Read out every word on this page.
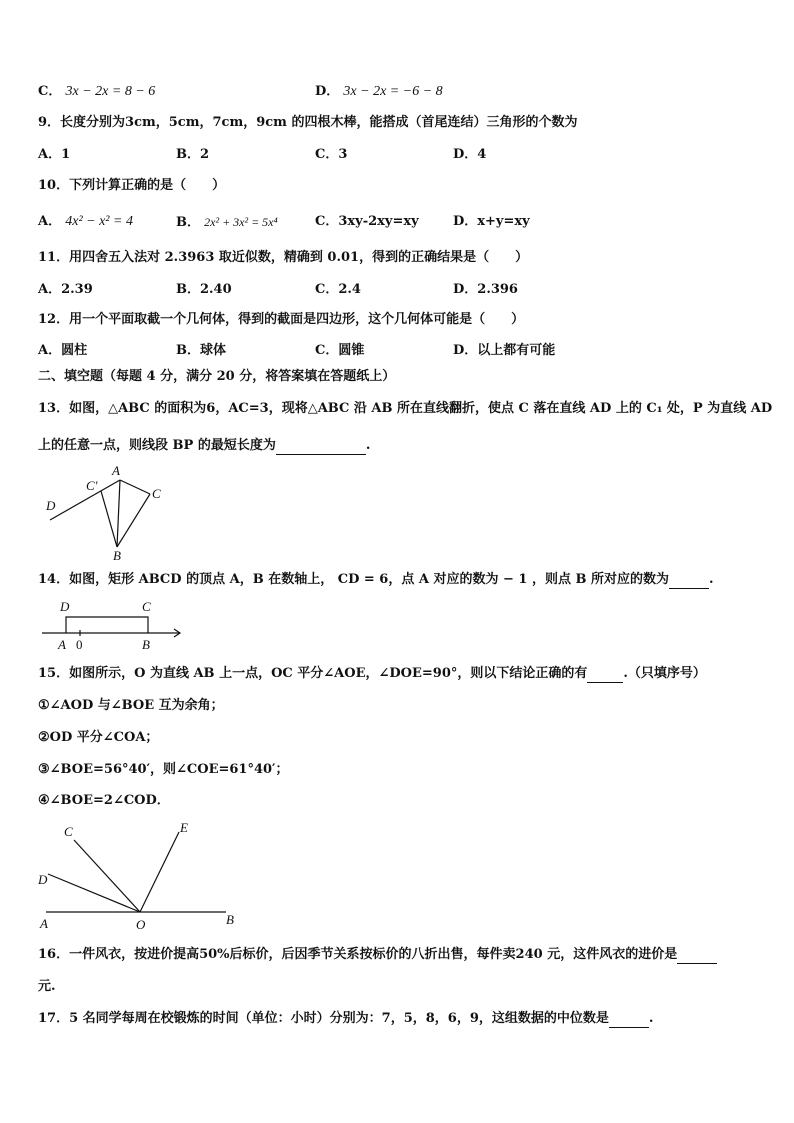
C． 3x − 2x = 8 − 6	D． 3x − 2x = −6 − 8
9．长度分别为3cm，5cm，7cm，9cm 的四根木棒，能搭成（首尾连结）三角形的个数为
A．1	B．2	C．3	D．4
10．下列计算正确的是（　　）
A． 4x² − x² = 4	B． 2x² + 3x² = 5x⁴	C．3xy-2xy=xy	D．x+y=xy
11．用四舍五入法对 2.3963 取近似数，精确到 0.01，得到的正确结果是（　　）
A．2.39	B．2.40	C．2.4	D．2.396
12．用一个平面取截一个几何体，得到的截面是四边形，这个几何体可能是（　　）
A．圆柱	B．球体	C．圆锥	D．以上都有可能
二、填空题（每题 4 分，满分 20 分，将答案填在答题纸上）
13．如图，△ABC 的面积为6，AC=3，现将△ABC 沿 AB 所在直线翻折，使点 C 落在直线 AD 上的 C₁ 处，P 为直线 AD
上的任意一点，则线段 BP 的最短长度为	.
A
C′
C
D
B
14．如图，矩形 ABCD 的顶点 A，B 在数轴上， CD = 6，点 A 对应的数为 − 1 ，则点 B 所对应的数为	.
D	C
A 0	B
15．如图所示，O 为直线 AB 上一点，OC 平分∠AOE，∠DOE=90°，则以下结论正确的有	.（只填序号）
①∠AOD 与∠BOE 互为余角；
②OD 平分∠COA；
③∠BOE=56°40′，则∠COE=61°40′；
④∠BOE=2∠COD．
C	E
D
A	O	B
16．一件风衣，按进价提高50%后标价，后因季节关系按标价的八折出售，每件卖240 元，这件风衣的进价是
元.
17．5 名同学每周在校锻炼的时间（单位：小时）分别为：7，5，8，6，9，这组数据的中位数是	.
